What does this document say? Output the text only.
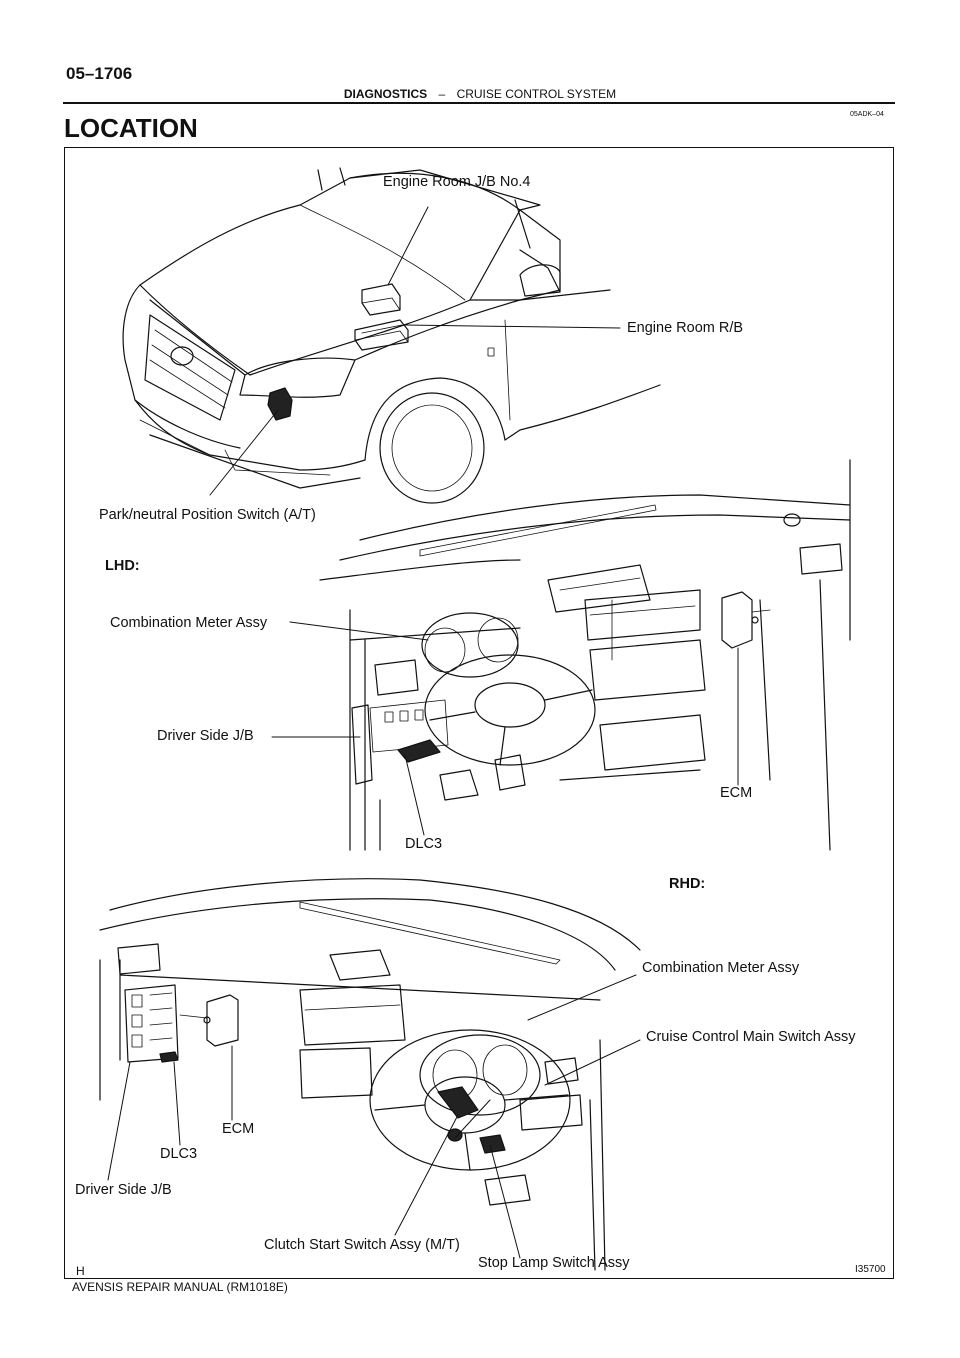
05–1706
DIAGNOSTICS – CRUISE CONTROL SYSTEM
LOCATION	05ADK–04
Engine Room J/B No.4
Engine Room R/B
Park/neutral Position Switch (A/T)
LHD:
Combination Meter Assy
Driver Side J/B
ECM
DLC3
RHD:
Combination Meter Assy
Cruise Control Main Switch Assy
ECM
DLC3
Driver Side J/B
Clutch Start Switch Assy (M/T)
Stop Lamp Switch Assy
H	I35700
AVENSIS REPAIR MANUAL (RM1018E)
